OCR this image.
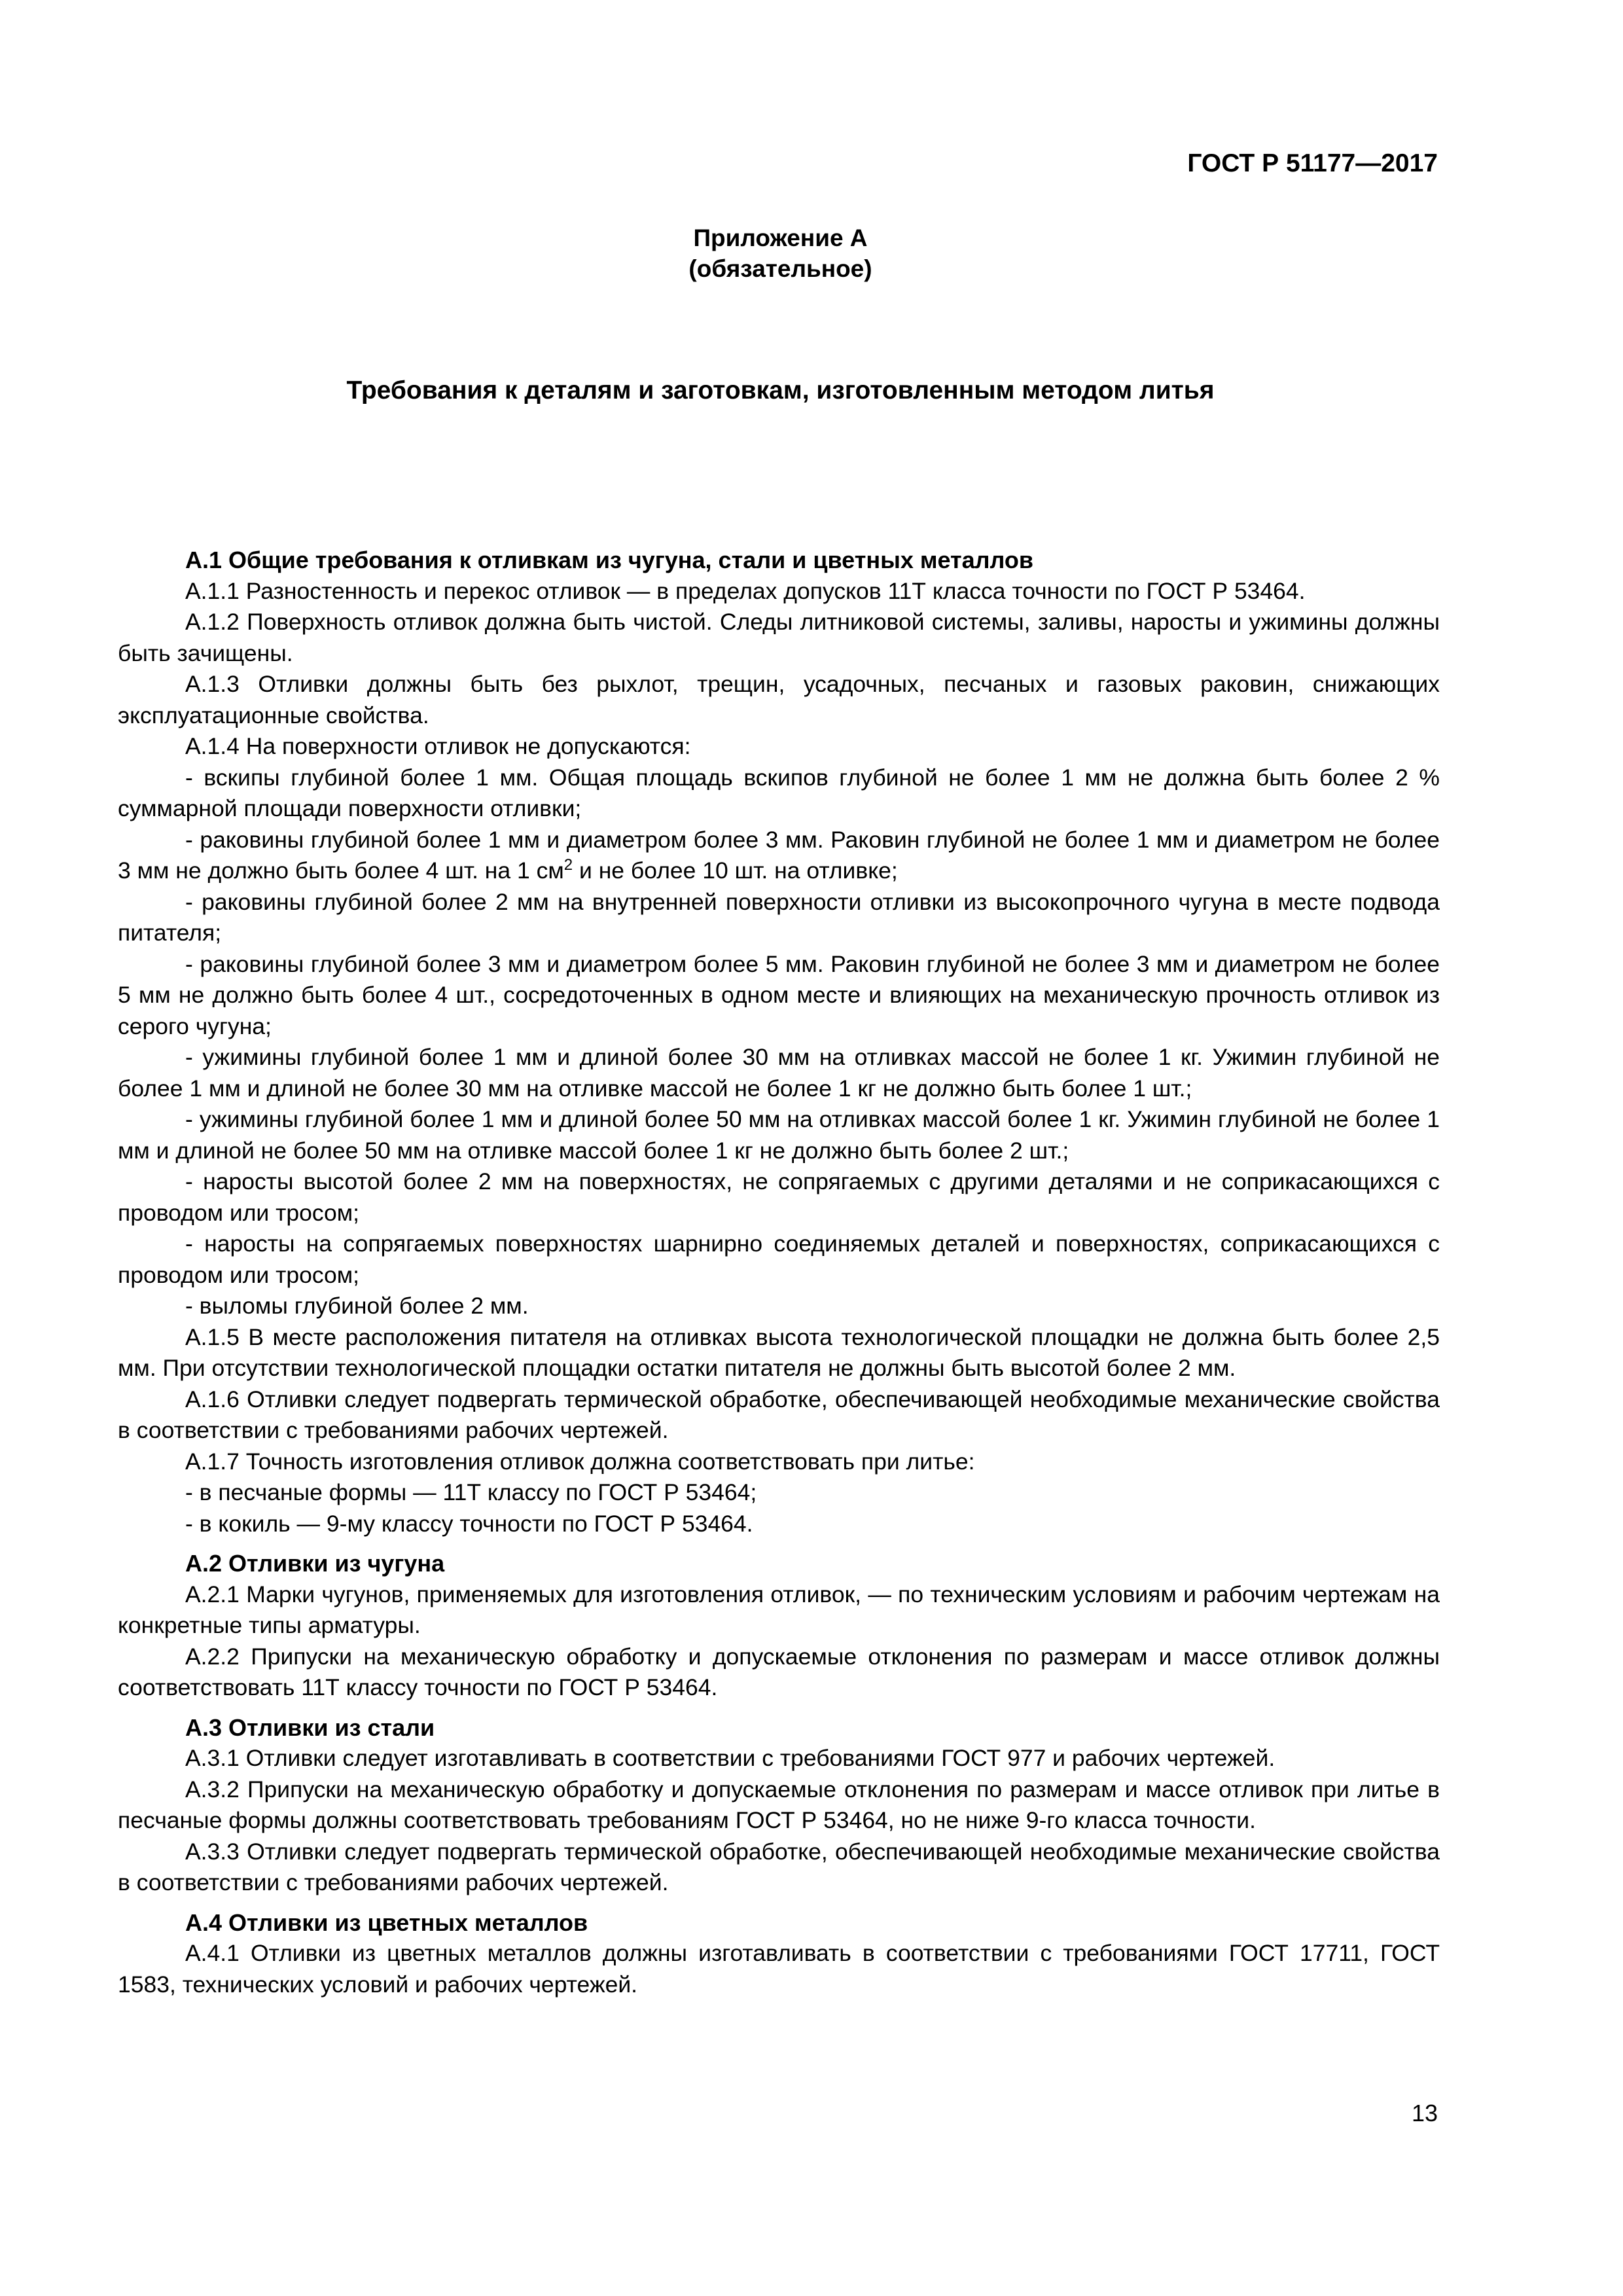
ГОСТ Р 51177—2017

Приложение А
(обязательное)
Требования к деталям и заготовкам, изготовленным методом литья
А.1 Общие требования к отливкам из чугуна, стали и цветных металлов

А.1.1 Разностенность и перекос отливок — в пределах допусков 11Т класса точности по ГОСТ Р 53464.

А.1.2 Поверхность отливок должна быть чистой. Следы литниковой системы, заливы, наросты и ужимины должны быть зачищены.

А.1.3 Отливки должны быть без рыхлот, трещин, усадочных, песчаных и газовых раковин, снижающих эксплуатационные свойства.

А.1.4 На поверхности отливок не допускаются:

- вскипы глубиной более 1 мм. Общая площадь вскипов глубиной не более 1 мм не должна быть более 2 % суммарной площади поверхности отливки;

- раковины глубиной более 1 мм и диаметром более 3 мм. Раковин глубиной не более 1 мм и диаметром не более 3 мм не должно быть более 4 шт. на 1 $см^2$ и не более 10 шт. на отливке;

- раковины глубиной более 2 мм на внутренней поверхности отливки из высокопрочного чугуна в месте подвода питателя;

- раковины глубиной более 3 мм и диаметром более 5 мм. Раковин глубиной не более 3 мм и диаметром не более 5 мм не должно быть более 4 шт., сосредоточенных в одном месте и влияющих на механическую прочность отливок из серого чугуна;

- ужимины глубиной более 1 мм и длиной более 30 мм на отливках массой не более 1 кг. Ужимин глубиной не более 1 мм и длиной не более 30 мм на отливке массой не более 1 кг не должно быть более 1 шт.;

- ужимины глубиной более 1 мм и длиной более 50 мм на отливках массой более 1 кг. Ужимин глубиной не более 1 мм и длиной не более 50 мм на отливке массой более 1 кг не должно быть более 2 шт.;

- наросты высотой более 2 мм на поверхностях, не сопрягаемых с другими деталями и не соприкасающихся с проводом или тросом;

- наросты на сопрягаемых поверхностях шарнирно соединяемых деталей и поверхностях, соприкасающихся с проводом или тросом;

- выломы глубиной более 2 мм.

А.1.5 В месте расположения питателя на отливках высота технологической площадки не должна быть более 2,5 мм. При отсутствии технологической площадки остатки питателя не должны быть высотой более 2 мм.

А.1.6 Отливки следует подвергать термической обработке, обеспечивающей необходимые механические свойства в соответствии с требованиями рабочих чертежей.

А.1.7 Точность изготовления отливок должна соответствовать при литье:

- в песчаные формы — 11Т классу по ГОСТ Р 53464;

- в кокиль — 9-му классу точности по ГОСТ Р 53464.

А.2 Отливки из чугуна

А.2.1 Марки чугунов, применяемых для изготовления отливок, — по техническим условиям и рабочим чертежам на конкретные типы арматуры.

А.2.2 Припуски на механическую обработку и допускаемые отклонения по размерам и массе отливок должны соответствовать 11Т классу точности по ГОСТ Р 53464.

А.3 Отливки из стали

А.3.1 Отливки следует изготавливать в соответствии с требованиями ГОСТ 977 и рабочих чертежей.

А.3.2 Припуски на механическую обработку и допускаемые отклонения по размерам и массе отливок при литье в песчаные формы должны соответствовать требованиям ГОСТ Р 53464, но не ниже 9-го класса точности.

А.3.3 Отливки следует подвергать термической обработке, обеспечивающей необходимые механические свойства в соответствии с требованиями рабочих чертежей.

А.4 Отливки из цветных металлов

А.4.1 Отливки из цветных металлов должны изготавливать в соответствии с требованиями ГОСТ 17711, ГОСТ 1583, технических условий и рабочих чертежей.

13
